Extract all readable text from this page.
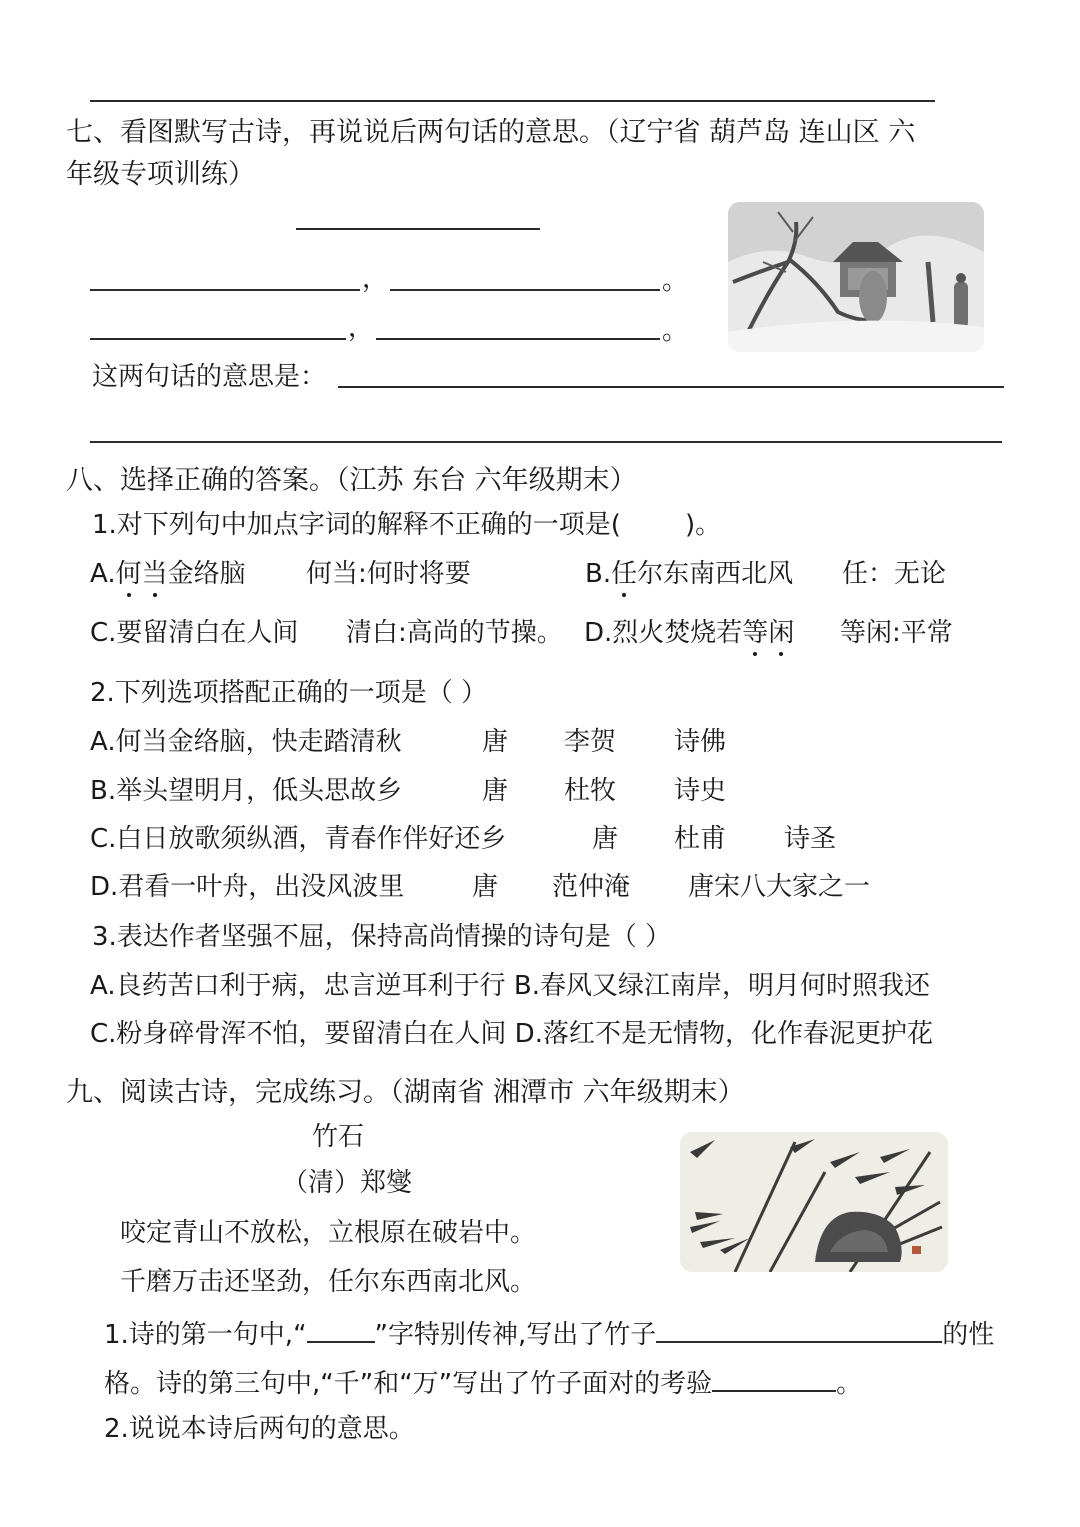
七、看图默写古诗，再说说后两句话的意思。（辽宁省 葫芦岛 连山区 六
年级专项训练）
，	。
，	。
这两句话的意思是：
八、选择正确的答案。（江苏 东台 六年级期末）
1.对下列句中加点字词的解释不正确的一项是( )。
A.何当金络脑 何当:何时将要	B.任尔东南西北风 任：无论
C.要留清白在人间 清白:高尚的节操。 D.烈火焚烧若等闲 等闲:平常
2.下列选项搭配正确的一项是（ ）
A.何当金络脑，快走踏清秋	唐 李贺 诗佛
B.举头望明月，低头思故乡	唐 杜牧 诗史
C.白日放歌须纵酒，青春作伴好还乡	唐 杜甫 诗圣
D.君看一叶舟，出没风波里	唐 范仲淹 唐宋八大家之一
3.表达作者坚强不屈，保持高尚情操的诗句是（ ）
A.良药苦口利于病，忠言逆耳利于行 B.春风又绿江南岸，明月何时照我还
C.粉身碎骨浑不怕，要留清白在人间 D.落红不是无情物，化作春泥更护花
九、阅读古诗，完成练习。（湖南省 湘潭市 六年级期末）
竹石
（清）郑燮
咬定青山不放松，立根原在破岩中。
千磨万击还坚劲，任尔东西南北风。
1.诗的第一句中,“	”字特别传神,写出了竹子	的性
格。诗的第三句中,“千”和“万”写出了竹子面对的考验	。
2.说说本诗后两句的意思。
